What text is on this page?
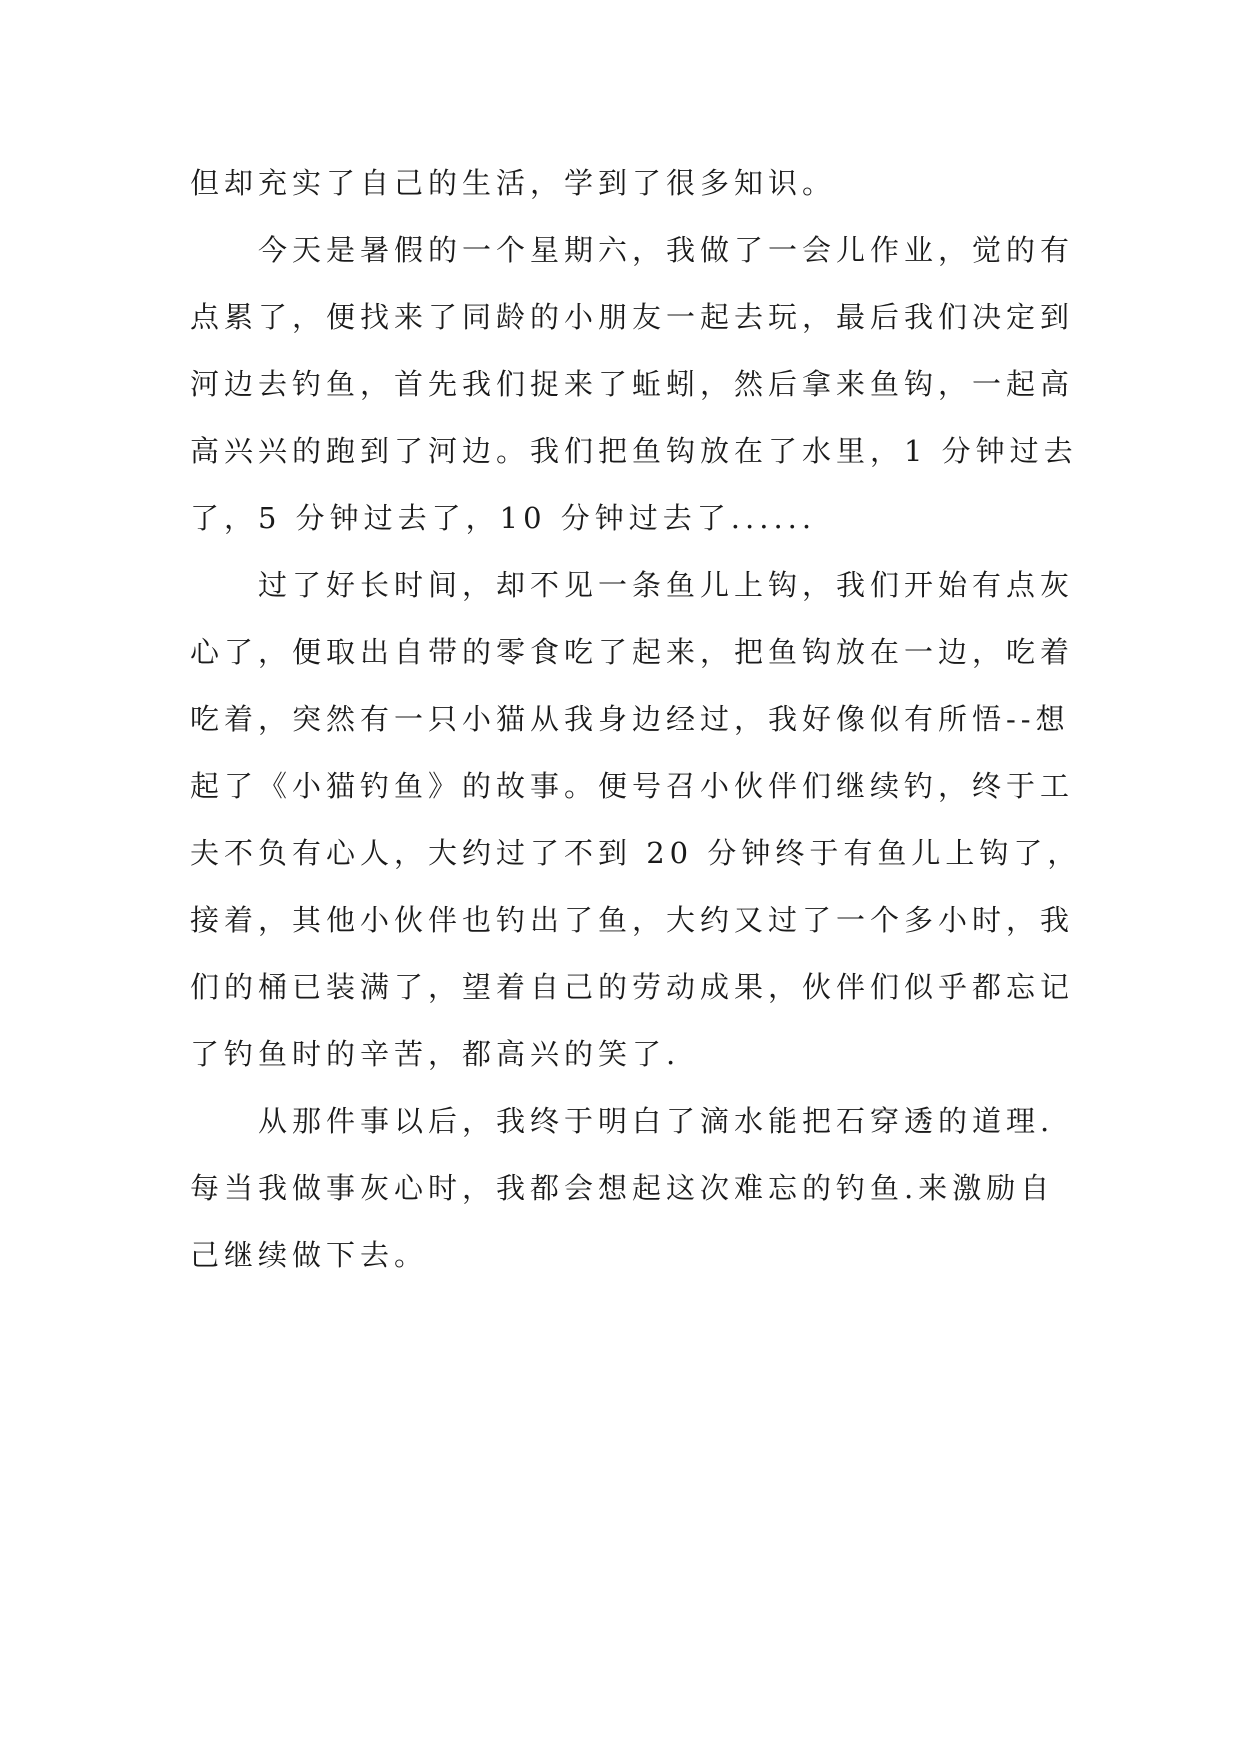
但却充实了自己的生活，学到了很多知识。
今天是暑假的一个星期六，我做了一会儿作业，觉的有
点累了，便找来了同龄的小朋友一起去玩，最后我们决定到
河边去钓鱼，首先我们捉来了蚯蚓，然后拿来鱼钩，一起高
高兴兴的跑到了河边。我们把鱼钩放在了水里，1 分钟过去
了，5 分钟过去了，10 分钟过去了......
过了好长时间，却不见一条鱼儿上钩，我们开始有点灰
心了，便取出自带的零食吃了起来，把鱼钩放在一边，吃着
吃着，突然有一只小猫从我身边经过，我好像似有所悟--想
起了《小猫钓鱼》的故事。便号召小伙伴们继续钓，终于工
夫不负有心人，大约过了不到 20 分钟终于有鱼儿上钩了，
接着，其他小伙伴也钓出了鱼，大约又过了一个多小时，我
们的桶已装满了，望着自己的劳动成果，伙伴们似乎都忘记
了钓鱼时的辛苦，都高兴的笑了.
从那件事以后，我终于明白了滴水能把石穿透的道理.
每当我做事灰心时，我都会想起这次难忘的钓鱼.来激励自
己继续做下去。
